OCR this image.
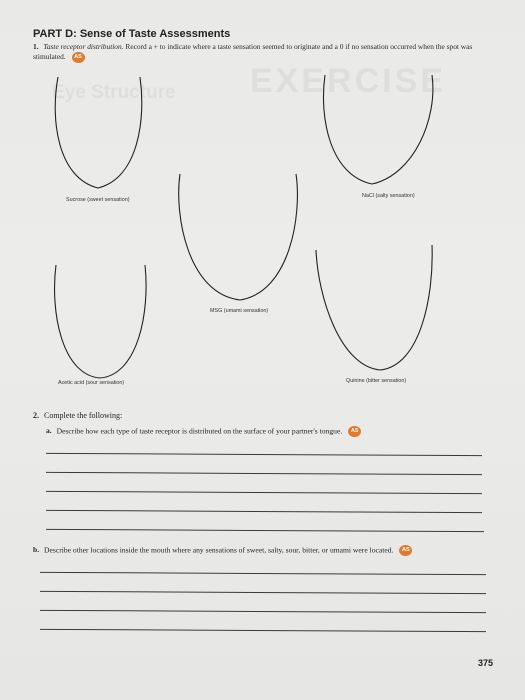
Eye Structure EXERCISE
PART D: Sense of Taste Assessments
1. Taste receptor distribution. Record a + to indicate where a taste sensation seemed to originate and a 0 if no sensation occurred when the spot was stimulated. AS
Sucrose (sweet sensation)
NaCl (salty sensation)
MSG (umami sensation)
Acetic acid (sour sensation)	Quinine (bitter sensation)
2. Complete the following:
a. Describe how each type of taste receptor is distributed on the surface of your partner's tongue. AS
b. Describe other locations inside the mouth where any sensations of sweet, salty, sour, bitter, or umami were located. AS
375
